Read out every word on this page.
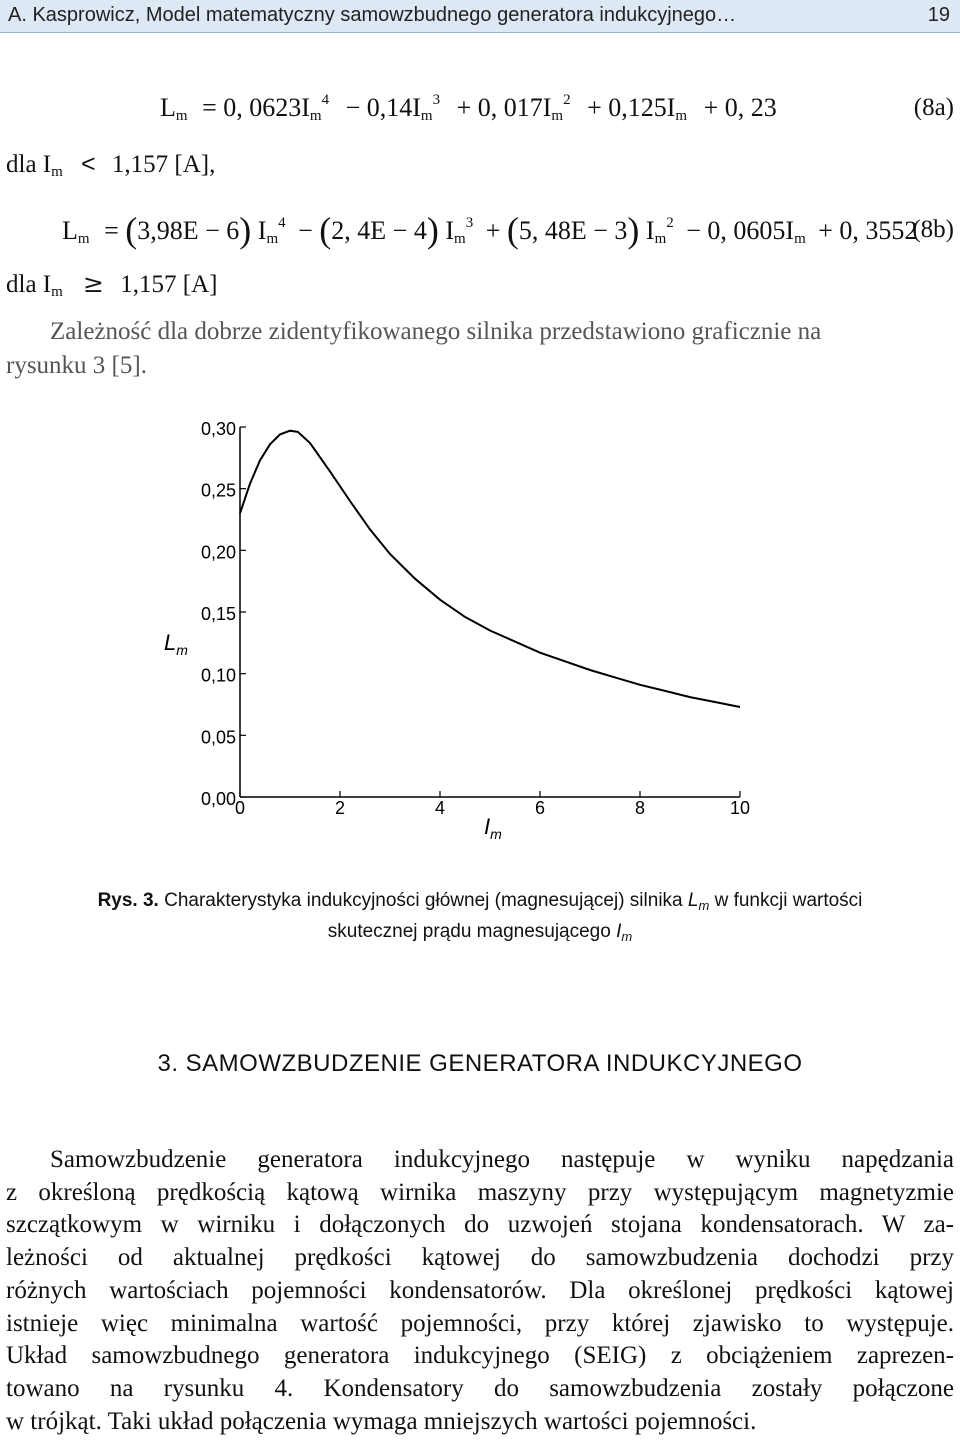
A. Kasprowicz, Model matematyczny samowzbudnego generatora indukcyjnego…	19
$L_m = 0$, $0623I_m^4 - 0,14I_m^3 + 0$, $017I_m^2 + 0,125I_m + 0$, 23	(8a)
dla $I_m < 1,157$ [A],
$L_m = (3,98E - 6) I_m^4 - (2$, 4E − 4) $I_m^3 + (5$, 48E − 3) $I_m^2 - 0$, $0605I_m + 0$, 3552
(8b)
dla $I_m \ge 1,157$ [A]
Zależność dla dobrze zidentyfikowanego silnika przedstawiono graficznie na
rysunku 3 [5].
0,00
0,05
0,10
0,15
0,20
0,25
0,30
0	2	4	6	8	10
$L_m$
$I_m$
Rys. 3. Charakterystyka indukcyjności głównej (magnesującej) silnika $L_m$ w funkcji wartości
skutecznej prądu magnesującego $I_m$
3. SAMOWZBUDZENIE GENERATORA INDUKCYJNEGO
Samowzbudzenie generatora indukcyjnego następuje w wyniku napędzania
z określoną prędkością kątową wirnika maszyny przy występującym magnetyzmie
szczątkowym w wirniku i dołączonych do uzwojeń stojana kondensatorach. W za-
leżności od aktualnej prędkości kątowej do samowzbudzenia dochodzi przy
różnych wartościach pojemności kondensatorów. Dla określonej prędkości kątowej
istnieje więc minimalna wartość pojemności, przy której zjawisko to występuje.
Układ samowzbudnego generatora indukcyjnego (SEIG) z obciążeniem zaprezen-
towano na rysunku 4. Kondensatory do samowzbudzenia zostały połączone
w trójkąt. Taki układ połączenia wymaga mniejszych wartości pojemności.
